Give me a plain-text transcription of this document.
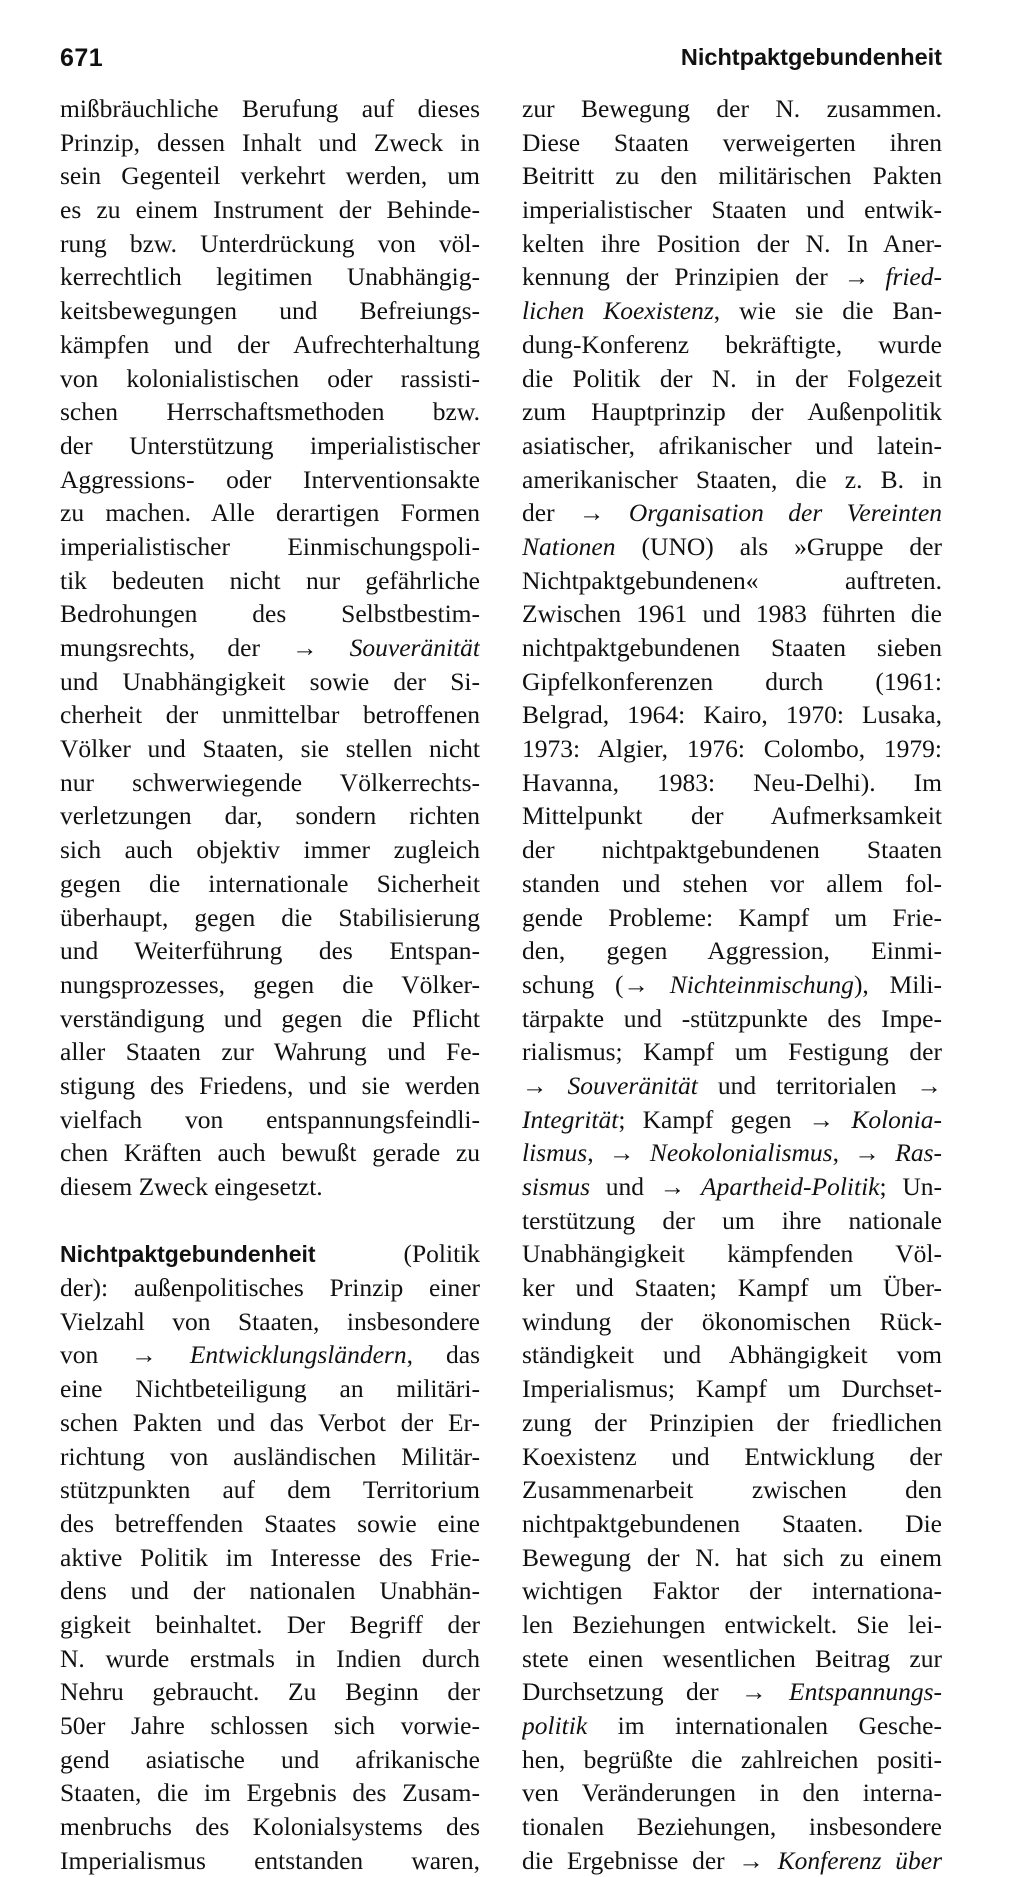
671	Nichtpaktgebundenheit
mißbräuchliche Berufung auf dieses
Prinzip, dessen Inhalt und Zweck in
sein Gegenteil verkehrt werden, um
es zu einem Instrument der Behinde-
rung bzw. Unterdrückung von völ-
kerrechtlich legitimen Unabhängig-
keitsbewegungen und Befreiungs-
kämpfen und der Aufrechterhaltung
von kolonialistischen oder rassisti-
schen Herrschaftsmethoden bzw.
der Unterstützung imperialistischer
Aggressions- oder Interventionsakte
zu machen. Alle derartigen Formen
imperialistischer Einmischungspoli-
tik bedeuten nicht nur gefährliche
Bedrohungen des Selbstbestim-
mungsrechts, der → Souveränität
und Unabhängigkeit sowie der Si-
cherheit der unmittelbar betroffenen
Völker und Staaten, sie stellen nicht
nur schwerwiegende Völkerrechts-
verletzungen dar, sondern richten
sich auch objektiv immer zugleich
gegen die internationale Sicherheit
überhaupt, gegen die Stabilisierung
und Weiterführung des Entspan-
nungsprozesses, gegen die Völker-
verständigung und gegen die Pflicht
aller Staaten zur Wahrung und Fe-
stigung des Friedens, und sie werden
vielfach von entspannungsfeindli-
chen Kräften auch bewußt gerade zu
diesem Zweck eingesetzt.
Nichtpaktgebundenheit (Politik
der): außenpolitisches Prinzip einer
Vielzahl von Staaten, insbesondere
von → Entwicklungsländern, das
eine Nichtbeteiligung an militäri-
schen Pakten und das Verbot der Er-
richtung von ausländischen Militär-
stützpunkten auf dem Territorium
des betreffenden Staates sowie eine
aktive Politik im Interesse des Frie-
dens und der nationalen Unabhän-
gigkeit beinhaltet. Der Begriff der
N. wurde erstmals in Indien durch
Nehru gebraucht. Zu Beginn der
50er Jahre schlossen sich vorwie-
gend asiatische und afrikanische
Staaten, die im Ergebnis des Zusam-
menbruchs des Kolonialsystems des
Imperialismus entstanden waren,
zur Bewegung der N. zusammen.
Diese Staaten verweigerten ihren
Beitritt zu den militärischen Pakten
imperialistischer Staaten und entwik-
kelten ihre Position der N. In Aner-
kennung der Prinzipien der → fried-
lichen Koexistenz, wie sie die Ban-
dung-Konferenz bekräftigte, wurde
die Politik der N. in der Folgezeit
zum Hauptprinzip der Außenpolitik
asiatischer, afrikanischer und latein-
amerikanischer Staaten, die z. B. in
der → Organisation der Vereinten
Nationen (UNO) als »Gruppe der
Nichtpaktgebundenen« auftreten.
Zwischen 1961 und 1983 führten die
nichtpaktgebundenen Staaten sieben
Gipfelkonferenzen durch (1961:
Belgrad, 1964: Kairo, 1970: Lusaka,
1973: Algier, 1976: Colombo, 1979:
Havanna, 1983: Neu-Delhi). Im
Mittelpunkt der Aufmerksamkeit
der nichtpaktgebundenen Staaten
standen und stehen vor allem fol-
gende Probleme: Kampf um Frie-
den, gegen Aggression, Einmi-
schung (→ Nichteinmischung), Mili-
tärpakte und -stützpunkte des Impe-
rialismus; Kampf um Festigung der
→ Souveränität und territorialen →
Integrität; Kampf gegen → Kolonia-
lismus, → Neokolonialismus, → Ras-
sismus und → Apartheid-Politik; Un-
terstützung der um ihre nationale
Unabhängigkeit kämpfenden Völ-
ker und Staaten; Kampf um Über-
windung der ökonomischen Rück-
ständigkeit und Abhängigkeit vom
Imperialismus; Kampf um Durchset-
zung der Prinzipien der friedlichen
Koexistenz und Entwicklung der
Zusammenarbeit zwischen den
nichtpaktgebundenen Staaten. Die
Bewegung der N. hat sich zu einem
wichtigen Faktor der internationa-
len Beziehungen entwickelt. Sie lei-
stete einen wesentlichen Beitrag zur
Durchsetzung der → Entspannungs-
politik im internationalen Gesche-
hen, begrüßte die zahlreichen positi-
ven Veränderungen in den interna-
tionalen Beziehungen, insbesondere
die Ergebnisse der → Konferenz über
